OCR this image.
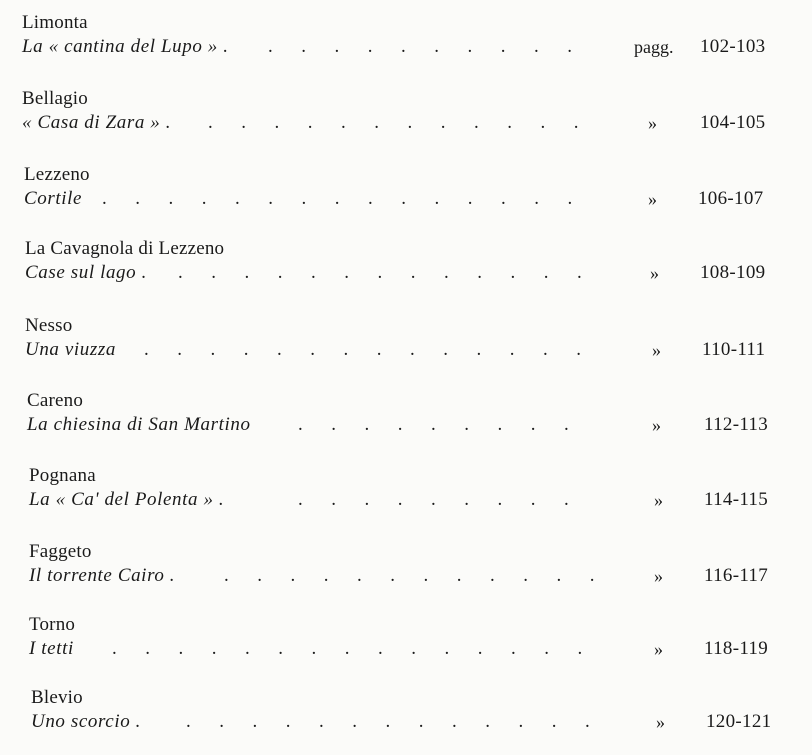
Limonta
La « cantina del Lupo » . .      .      .      .      .      .      .      .      .      .	pagg. 102-103
Bellagio
« Casa di Zara » . .      .      .      .      .      .      .      .      .      .      .      .	» 104-105
Lezzeno
Cortile .      .      .      .      .      .      .      .      .      .      .      .      .      .      .	» 106-107
La Cavagnola di Lezzeno
Case sul lago . .      .      .      .      .      .      .      .      .      .      .      .      .	» 108-109
Nesso
Una viuzza .      .      .      .      .      .      .      .      .      .      .      .      .      .	» 110-111
Careno
La chiesina di San Martino .      .      .      .      .      .      .      .      .	» 112-113
Pognana
La « Ca' del Polenta » .	.      .      .      .      .      .      .      .      .	» 114-115
Faggeto
Il torrente Cairo .	.      .      .      .      .      .      .      .      .      .      .      .	» 116-117
Torno
I tetti .      .      .      .      .      .      .      .      .      .      .      .      .      .      .	» 118-119
Blevio
Uno scorcio . .      .      .      .      .      .      .      .      .      .      .      .      .	» 120-121
